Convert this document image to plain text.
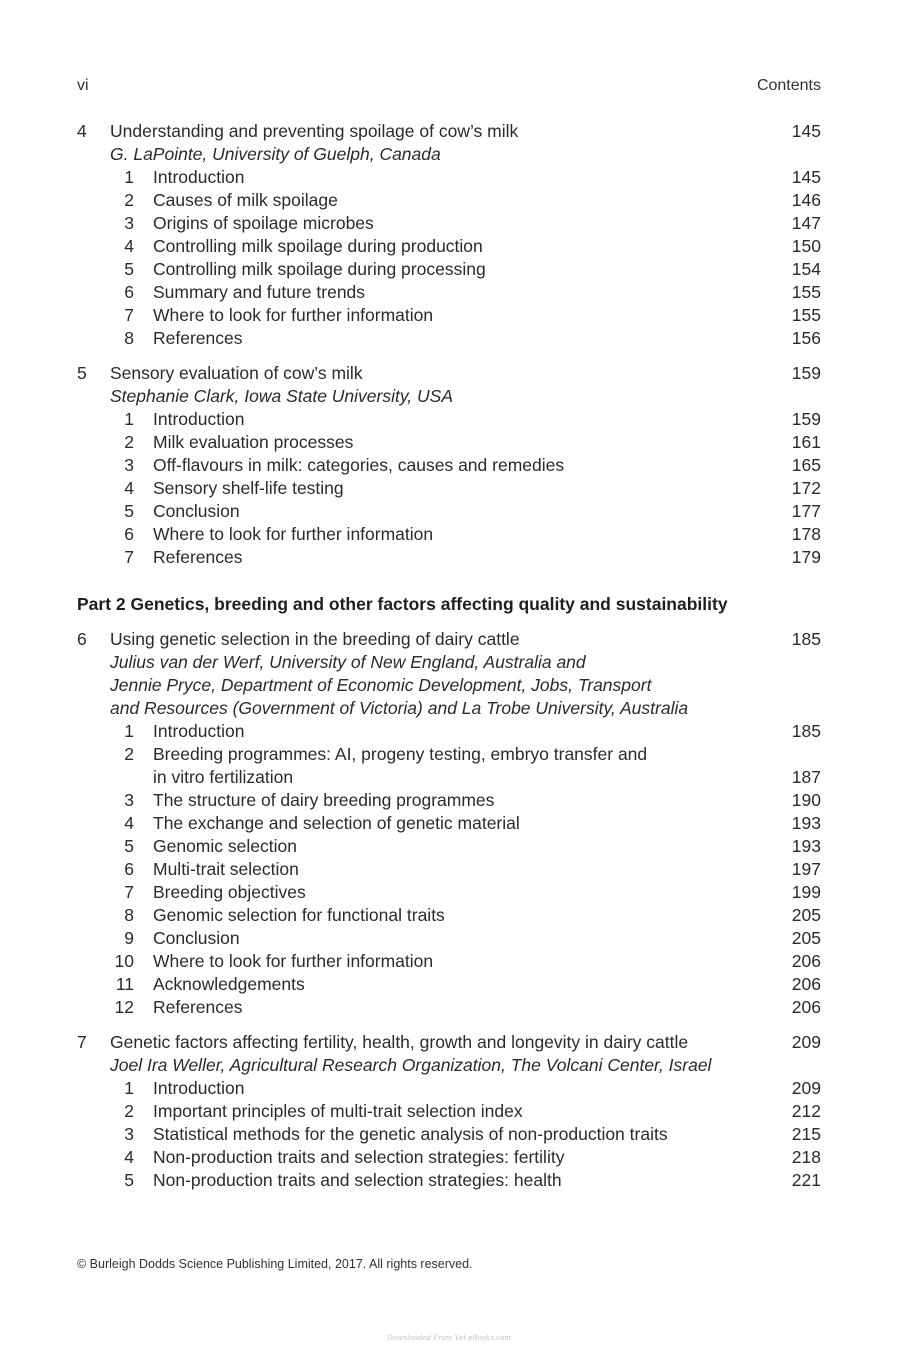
vi	Contents
4	Understanding and preventing spoilage of cow’s milk	145
G. LaPointe, University of Guelph, Canada
1 Introduction	145
2 Causes of milk spoilage	146
3 Origins of spoilage microbes	147
4 Controlling milk spoilage during production	150
5 Controlling milk spoilage during processing	154
6 Summary and future trends	155
7 Where to look for further information	155
8 References	156
5	Sensory evaluation of cow’s milk	159
Stephanie Clark, Iowa State University, USA
1 Introduction	159
2 Milk evaluation processes	161
3 Off-flavours in milk: categories, causes and remedies	165
4 Sensory shelf-life testing	172
5 Conclusion	177
6 Where to look for further information	178
7 References	179
Part 2 Genetics, breeding and other factors affecting quality and sustainability
6	Using genetic selection in the breeding of dairy cattle	185
Julius van der Werf, University of New England, Australia and
Jennie Pryce, Department of Economic Development, Jobs, Transport
and Resources (Government of Victoria) and La Trobe University, Australia
1 Introduction	185
2 Breeding programmes: AI, progeny testing, embryo transfer and
in vitro fertilization	187
3 The structure of dairy breeding programmes	190
4 The exchange and selection of genetic material	193
5 Genomic selection	193
6 Multi-trait selection	197
7 Breeding objectives	199
8 Genomic selection for functional traits	205
9 Conclusion	205
10 Where to look for further information	206
11 Acknowledgements	206
12 References	206
7	Genetic factors affecting fertility, health, growth and longevity in dairy cattle	209
Joel Ira Weller, Agricultural Research Organization, The Volcani Center, Israel
1 Introduction	209
2 Important principles of multi-trait selection index	212
3 Statistical methods for the genetic analysis of non-production traits	215
4 Non-production traits and selection strategies: fertility	218
5 Non-production traits and selection strategies: health	221
© Burleigh Dodds Science Publishing Limited, 2017. All rights reserved.
Downloaded From Vet-eBooks.com
